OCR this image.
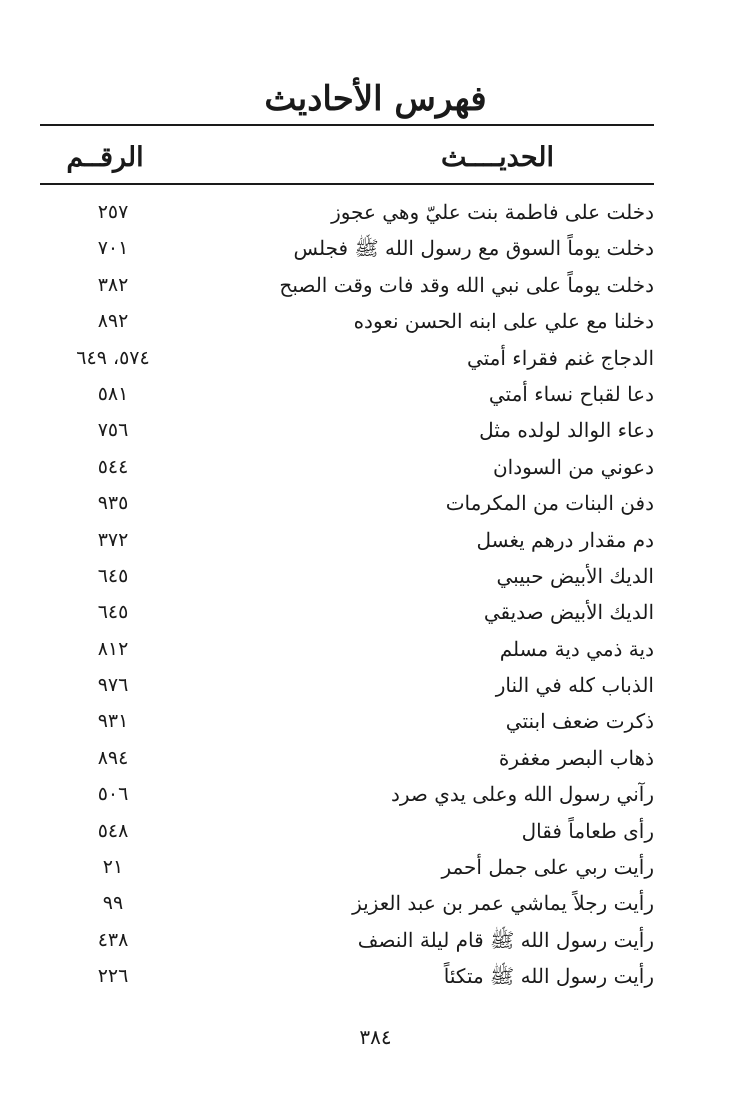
فهرس الأحاديث
الحديــــث
الرقــم
دخلت على فاطمة بنت عليّ وهي عجوز
٢٥٧
دخلت يوماً السوق مع رسول الله ﷺ فجلس
٧٠١
دخلت يوماً على نبي الله وقد فات وقت الصبح
٣٨٢
دخلنا مع علي على ابنه الحسن نعوده
٨٩٢
الدجاج غنم فقراء أمتي
٥٧٤، ٦٤٩
دعا لقباح نساء أمتي
٥٨١
دعاء الوالد لولده مثل
٧٥٦
دعوني من السودان
٥٤٤
دفن البنات من المكرمات
٩٣٥
دم مقدار درهم يغسل
٣٧٢
الديك الأبيض حبيبي
٦٤٥
الديك الأبيض صديقي
٦٤٥
دية ذمي دية مسلم
٨١٢
الذباب كله في النار
٩٧٦
ذكرت ضعف ابنتي
٩٣١
ذهاب البصر مغفرة
٨٩٤
رآني رسول الله وعلى يدي صرد
٥٠٦
رأى طعاماً فقال
٥٤٨
رأيت ربي على جمل أحمر
٢١
رأيت رجلاً يماشي عمر بن عبد العزيز
٩٩
رأيت رسول الله ﷺ قام ليلة النصف
٤٣٨
رأيت رسول الله ﷺ متكئاً
٢٢٦
٣٨٤
